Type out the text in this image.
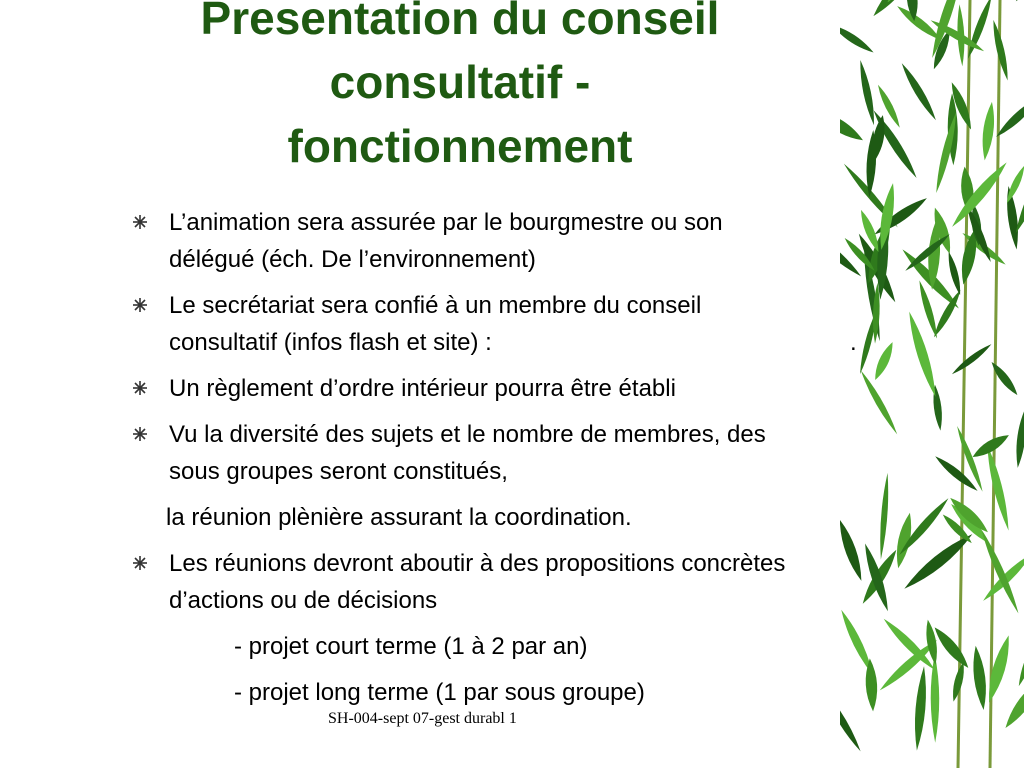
Presentation du conseil
consultatif -
fonctionnement
L’animation sera assurée par le bourgmestre ou son
délégué (éch. De l’environnement)
Le secrétariat sera confié à un membre du conseil
consultatif (infos flash et site) :	.
Un règlement d’ordre intérieur pourra être établi
Vu la diversité des sujets et le nombre de membres, des
sous groupes seront constitués,
la réunion plènière assurant la coordination.
Les réunions devront aboutir à des propositions concrètes
d’actions ou de décisions
- projet court terme (1 à 2 par an)
- projet long terme (1 par sous groupe)
SH-004-sept 07-gest durabl 1
